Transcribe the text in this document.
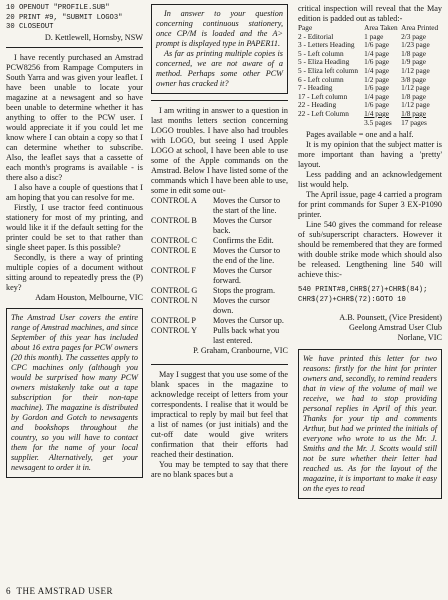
10 OPENOUT "PROFILE.SUB"
20 PRINT #9, "SUBMIT LOGO3"
30 CLOSEOUT

D. Kettlewell, Hornsby, NSW

I have recently purchased an Amstrad PCW8256 from Rampage Computers in South Yarra and was given your leaflet. I have been unable to locate your magazine at a newsagent and so have been unable to determine whether it has anything to offer to the PCW user. I would appreciate it if you could let me know where I can obtain a copy so that I can determine whether to subscribe. Also, the leaflet says that a cassette of each month's programs is available - is there also a disc?

I also have a couple of questions that I am hoping that you can resolve for me.

Firstly, I use tractor feed continuous stationery for most of my printing, and would like it if the default setting for the printer could be set to that rather than single sheet paper. Is this possible?

Secondly, is there a way of printing multiple copies of a document without sitting around to repeatedly press the (P) key?

Adam Houston, Melbourne, VIC

The Amstrad User covers the entire range of Amstrad machines, and since September of this year has included about 16 extra pages for PCW owners (20 this month). The cassettes apply to CPC machines only (although you would be surprised how many PCW owners mistakenly take out a tape subscription for their non-tape machine). The magazine is distributed by Gordon and Gotch to newsagents and bookshops throughout the country, so you will have to contact them for the name of your local supplier. Alternatively, get your newsagent to order it in.

In answer to your question concerning continuous stationery, once CP/M is loaded and the A> prompt is displayed type in PAPER11.

As far as printing multiple copies is concerned, we are not aware of a method. Perhaps some other PCW owner has cracked it?

I am writing in answer to a question in last months letters section concerning LOGO troubles. I have also had troubles with LOGO, but seeing I used Apple LOGO at school, I have been able to use some of the Apple commands on the Amstrad. Below I have listed some of the commands which I have been able to use, some in edit some out-

CONTROL A	Moves the Cursor to the start of the line.
CONTROL B	Moves the Cursor back.
CONTROL C	Confirms the Edit.
CONTROL E	Moves the Cursor to the end of the line.
CONTROL F	Moves the Cursor forward.
CONTROL G	Stops the program.
CONTROL N	Moves the cursor down.
CONTROL P	Moves the Cursor up.
CONTROL Y	Pulls back what you last entered.

P. Graham, Cranbourne, VIC

May I suggest that you use some of the blank spaces in the magazine to acknowledge receipt of letters from your correspondents. I realise that it would be impractical to reply by mail but feel that a list of names (or just initials) and the cut-off date would give writers confirmation that their efforts had reached their destination.

You may be tempted to say that there are no blank spaces but a

critical inspection will reveal that the May edition is padded out as tabled:-

Page	Area Taken	Area Printed
2 - Editorial	1 page	2/3 page
3 - Letters Heading	1/6 page	1/23 page
5 - Left column	1/4 page	1/8 page
5 - Eliza Heading	1/6 page	1/9 page
5 - Eliza left column	1/4 page	1/12 page
6 - Left column	1/2 page	3/8 page
7 - Heading	1/6 page	1/12 page
17 - Left column	1/4 page	1/8 page
22 - Heading	1/6 page	1/12 page
22 - Left Column	1/4 page	1/8 page
	3.5 pages	17 pages

Pages available = one and a half.

It is my opinion that the subject matter is more important than having a 'pretty' layout.

Less padding and an acknowledgement list would help.

The April issue, page 4 carried a program for print commands for Super 3 EX-P1090 printer.

Line 540 gives the command for release of sub/superscript characters. However it should be remembered that they are formed with double strike mode which should also be released. Lengthening line 540 will achieve this:-

540 PRINT#8,CHR$(27)+CHR$(84);
CHR$(27)+CHR$(72):GOTO 10

A.B. Pounsett, (Vice President)

Geelong Amstrad User Club

Norlane, VIC

We have printed this letter for two reasons: firstly for the hint for printer owners and, secondly, to remind readers that in view of the volume of mail we receive, we had to stop providing personal replies in April of this year. Thanks for your tip and comments Arthur, but had we printed the initials of everyone who wrote to us the Mr. J. Smiths and the Mr. J. Scotts would still not be sure whether their letter had reached us. As for the layout of the magazine, it is important to make it easy on the eyes to read

6 THE AMSTRAD USER
